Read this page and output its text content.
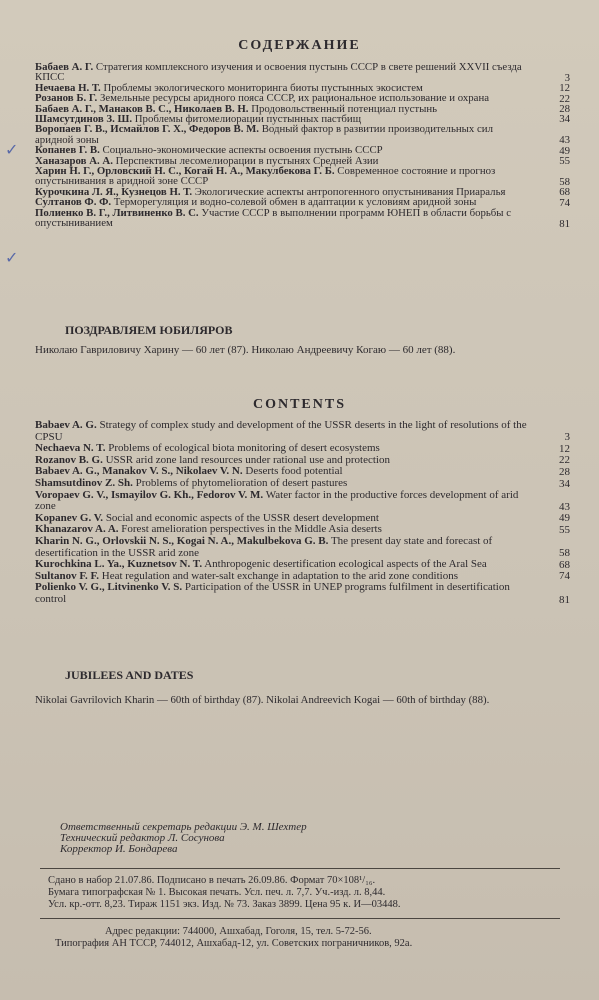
СОДЕРЖАНИЕ
✓
✓
Бабаев А. Г. Стратегия комплексного изучения и освоения пустынь СССР в свете решений XXVII съезда КПСС	3
Нечаева Н. Т. Проблемы экологического мониторинга биоты пустынных экосистем	12
Розанов Б. Г. Земельные ресурсы аридного пояса СССР, их рациональное использование и охрана	22
Бабаев А. Г., Манаков В. С., Николаев В. Н. Продовольственный потенциал пустынь	28
Шамсутдинов З. Ш. Проблемы фитомелиорации пустынных пастбищ	34
Воропаев Г. В., Исмайлов Г. Х., Федоров В. М. Водный фактор в развитии производительных сил аридной зоны	43
Копанев Г. В. Социально-экономические аспекты освоения пустынь СССР	49
Ханазаров А. А. Перспективы лесомелиорации в пустынях Средней Азии	55
Харин Н. Г., Орловский Н. С., Когай Н. А., Макулбекова Г. Б. Современное состояние и прогноз опустынивания в аридной зоне СССР	58
Курочкина Л. Я., Кузнецов Н. Т. Экологические аспекты антропогенного опустынивания Приаралья	68
Султанов Ф. Ф. Терморегуляция и водно-солевой обмен в адаптации к условиям аридной зоны	74
Полиенко В. Г., Литвиненко В. С. Участие СССР в выполнении программ ЮНЕП в области борьбы с опустыниванием	81
ПОЗДРАВЛЯЕМ ЮБИЛЯРОВ
Николаю Гавриловичу Харину — 60 лет (87). Николаю Андреевичу Когаю — 60 лет (88).
CONTENTS
Babaev A. G. Strategy of complex study and development of the USSR deserts in the light of resolutions of the CPSU	3
Nechaeva N. T. Problems of ecological biota monitoring of desert ecosystems	12
Rozanov B. G. USSR arid zone land resources under rational use and protection	22
Babaev A. G., Manakov V. S., Nikolaev V. N. Deserts food potential	28
Shamsutdinov Z. Sh. Problems of phytomelioration of desert pastures	34
Voropaev G. V., Ismayilov G. Kh., Fedorov V. M. Water factor in the productive forces development of arid zone	43
Kopanev G. V. Social and economic aspects of the USSR desert development	49
Khanazarov A. A. Forest amelioration perspectives in the Middle Asia deserts	55
Kharin N. G., Orlovskii N. S., Kogai N. A., Makulbekova G. B. The present day state and forecast of desertification in the USSR arid zone	58
Kurochkina L. Ya., Kuznetsov N. T. Anthropogenic desertification ecological aspects of the Aral Sea	68
Sultanov F. F. Heat regulation and water-salt exchange in adaptation to the arid zone conditions	74
Polienko V. G., Litvinenko V. S. Participation of the USSR in UNEP programs fulfilment in desertification control	81
JUBILEES AND DATES
Nikolai Gavrilovich Kharin — 60th of birthday (87). Nikolai Andreevich Kogai — 60th of birthday (88).
Ответственный секретарь редакции Э. М. Шехтер
Технический редактор Л. Сосунова
Корректор И. Бондарева
Сдано в набор 21.07.86. Подписано в печать 26.09.86. Формат 70×108¹/₁₆.
Бумага типографская № 1. Высокая печать. Усл. печ. л. 7,7. Уч.-изд. л. 8,44.
Усл. кр.-отт. 8,23. Тираж 1151 экз. Изд. № 73. Заказ 3899. Цена 95 к. И—03448.
Адрес редакции: 744000, Ашхабад, Гоголя, 15, тел. 5-72-56.
Типография АН ТССР, 744012, Ашхабад-12, ул. Советских пограничников, 92а.
